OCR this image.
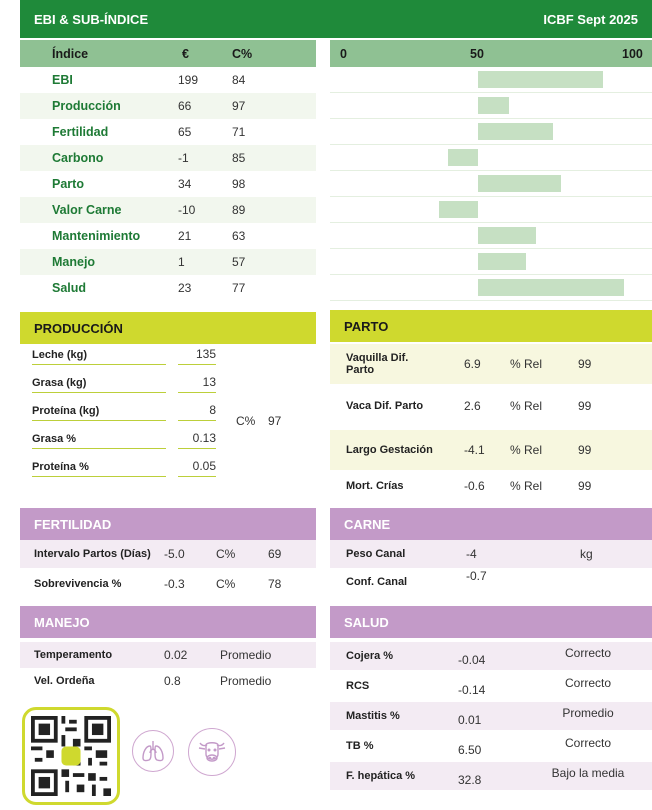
EBI & SUB-ÍNDICE	ICBF Sept 2025
Índice	€	C%	0	50	100
EBI	199	84
Producción	66	97
Fertilidad	65	71
Carbono	-1	85
Parto	34	98
Valor Carne	-10	89
Mantenimiento	21	63
Manejo	1	57
Salud	23	77
PRODUCCIÓN
Leche (kg)	135
Grasa (kg)	13
Proteína (kg)	8
Grasa %	0.13
Proteína %	0.05
C% 97
PARTO
Vaquilla Dif. Parto	6.9 % Rel	99
Vaca Dif. Parto	2.6 % Rel	99
Largo Gestación	-4.1 % Rel	99
Mort. Crías	-0.6 % Rel	99
FERTILIDAD
Intervalo Partos (Días) -5.0	C%	69
Sobrevivencia %	-0.3	C%	78
CARNE
Peso Canal	-4	kg
Conf. Canal	-0.7
MANEJO
Temperamento	0.02	Promedio
Vel. Ordeña	0.8	Promedio
SALUD
Cojera %	-0.04	Correcto
RCS	-0.14	Correcto
Mastitis %	0.01	Promedio
TB %	6.50	Correcto
F. hepática %	32.8	Bajo la media
